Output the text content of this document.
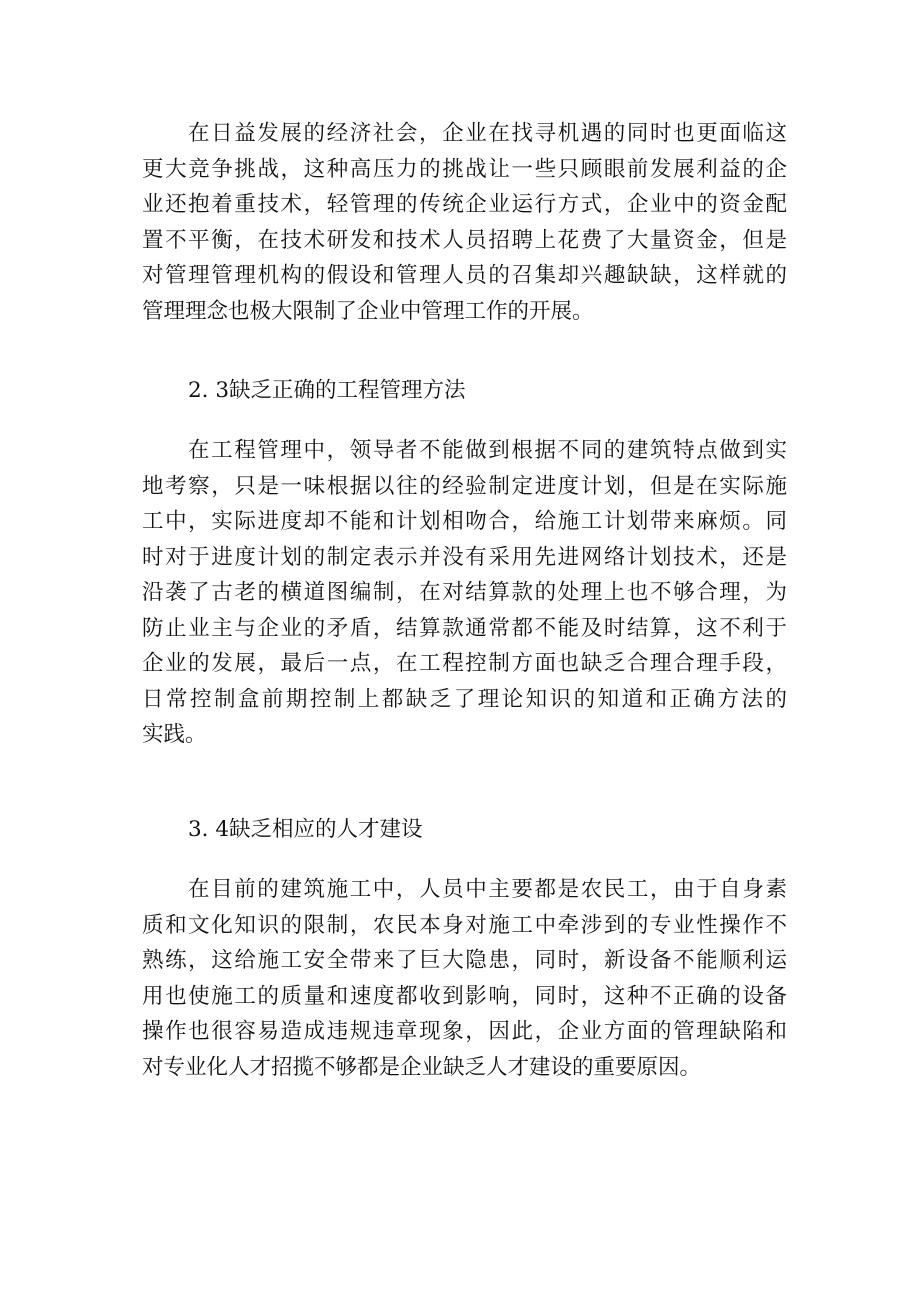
在日益发展的经济社会，企业在找寻机遇的同时也更面临这
更大竞争挑战，这种高压力的挑战让一些只顾眼前发展利益的企
业还抱着重技术，轻管理的传统企业运行方式，企业中的资金配
置不平衡，在技术研发和技术人员招聘上花费了大量资金，但是
对管理管理机构的假设和管理人员的召集却兴趣缺缺，这样就的
管理理念也极大限制了企业中管理工作的开展。
2. 3缺乏正确的工程管理方法
在工程管理中，领导者不能做到根据不同的建筑特点做到实
地考察，只是一味根据以往的经验制定进度计划，但是在实际施
工中，实际进度却不能和计划相吻合，给施工计划带来麻烦。同
时对于进度计划的制定表示并没有采用先进网络计划技术，还是
沿袭了古老的横道图编制，在对结算款的处理上也不够合理，为
防止业主与企业的矛盾，结算款通常都不能及时结算，这不利于
企业的发展，最后一点，在工程控制方面也缺乏合理合理手段，
日常控制盒前期控制上都缺乏了理论知识的知道和正确方法的
实践。
3. 4缺乏相应的人才建设
在目前的建筑施工中，人员中主要都是农民工，由于自身素
质和文化知识的限制，农民本身对施工中牵涉到的专业性操作不
熟练，这给施工安全带来了巨大隐患，同时，新设备不能顺利运
用也使施工的质量和速度都收到影响，同时，这种不正确的设备
操作也很容易造成违规违章现象，因此，企业方面的管理缺陷和
对专业化人才招揽不够都是企业缺乏人才建设的重要原因。
